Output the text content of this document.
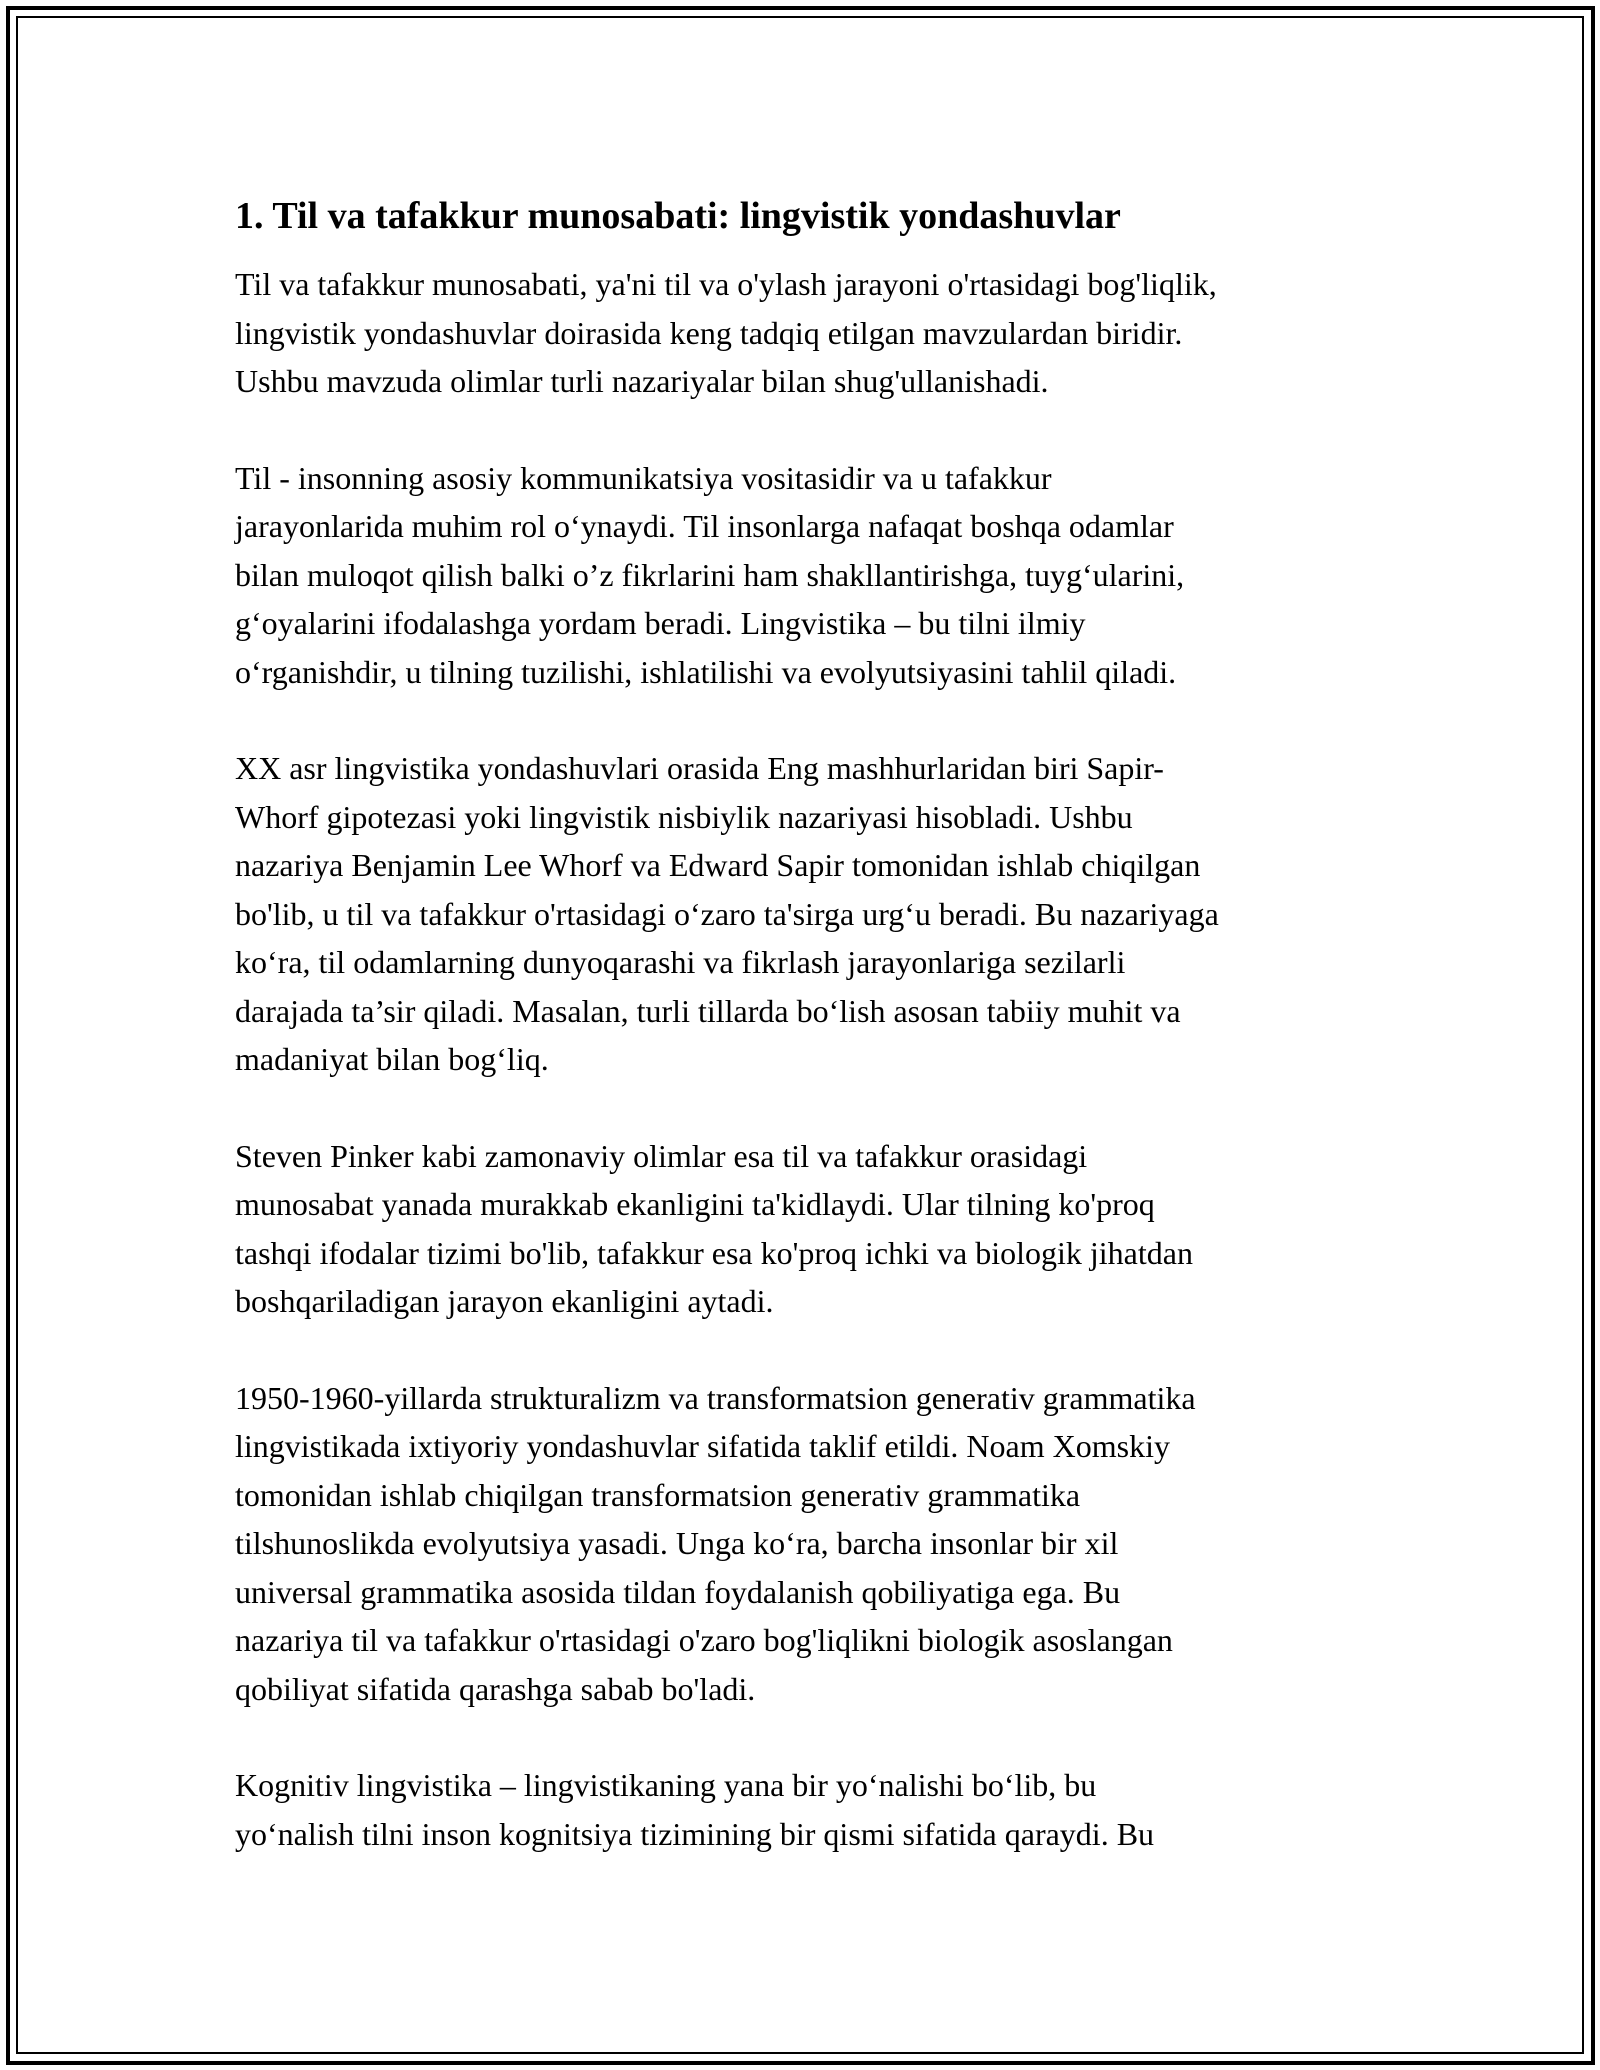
1. Til va tafakkur munosabati: lingvistik yondashuvlar

Til va tafakkur munosabati, ya'ni til va o'ylash jarayoni o'rtasidagi bog'liqlik,
lingvistik yondashuvlar doirasida keng tadqiq etilgan mavzulardan biridir.
Ushbu mavzuda olimlar turli nazariyalar bilan shug'ullanishadi.

Til - insonning asosiy kommunikatsiya vositasidir va u tafakkur
jarayonlarida muhim rol o‘ynaydi. Til insonlarga nafaqat boshqa odamlar
bilan muloqot qilish balki o’z fikrlarini ham shakllantirishga, tuyg‘ularini,
g‘oyalarini ifodalashga yordam beradi. Lingvistika – bu tilni ilmiy
o‘rganishdir, u tilning tuzilishi, ishlatilishi va evolyutsiyasini tahlil qiladi.

XX asr lingvistika yondashuvlari orasida Eng mashhurlaridan biri Sapir-
Whorf gipotezasi yoki lingvistik nisbiylik nazariyasi hisobladi. Ushbu
nazariya Benjamin Lee Whorf va Edward Sapir tomonidan ishlab chiqilgan
bo'lib, u til va tafakkur o'rtasidagi o‘zaro ta'sirga urg‘u beradi. Bu nazariyaga
ko‘ra, til odamlarning dunyoqarashi va fikrlash jarayonlariga sezilarli
darajada ta’sir qiladi. Masalan, turli tillarda bo‘lish asosan tabiiy muhit va
madaniyat bilan bog‘liq.

Steven Pinker kabi zamonaviy olimlar esa til va tafakkur orasidagi
munosabat yanada murakkab ekanligini ta'kidlaydi. Ular tilning ko'proq
tashqi ifodalar tizimi bo'lib, tafakkur esa ko'proq ichki va biologik jihatdan
boshqariladigan jarayon ekanligini aytadi.

1950-1960-yillarda strukturalizm va transformatsion generativ grammatika
lingvistikada ixtiyoriy yondashuvlar sifatida taklif etildi. Noam Xomskiy
tomonidan ishlab chiqilgan transformatsion generativ grammatika
tilshunoslikda evolyutsiya yasadi. Unga ko‘ra, barcha insonlar bir xil
universal grammatika asosida tildan foydalanish qobiliyatiga ega. Bu
nazariya til va tafakkur o'rtasidagi o'zaro bog'liqlikni biologik asoslangan
qobiliyat sifatida qarashga sabab bo'ladi.

Kognitiv lingvistika – lingvistikaning yana bir yo‘nalishi bo‘lib, bu
yo‘nalish tilni inson kognitsiya tizimining bir qismi sifatida qaraydi. Bu
